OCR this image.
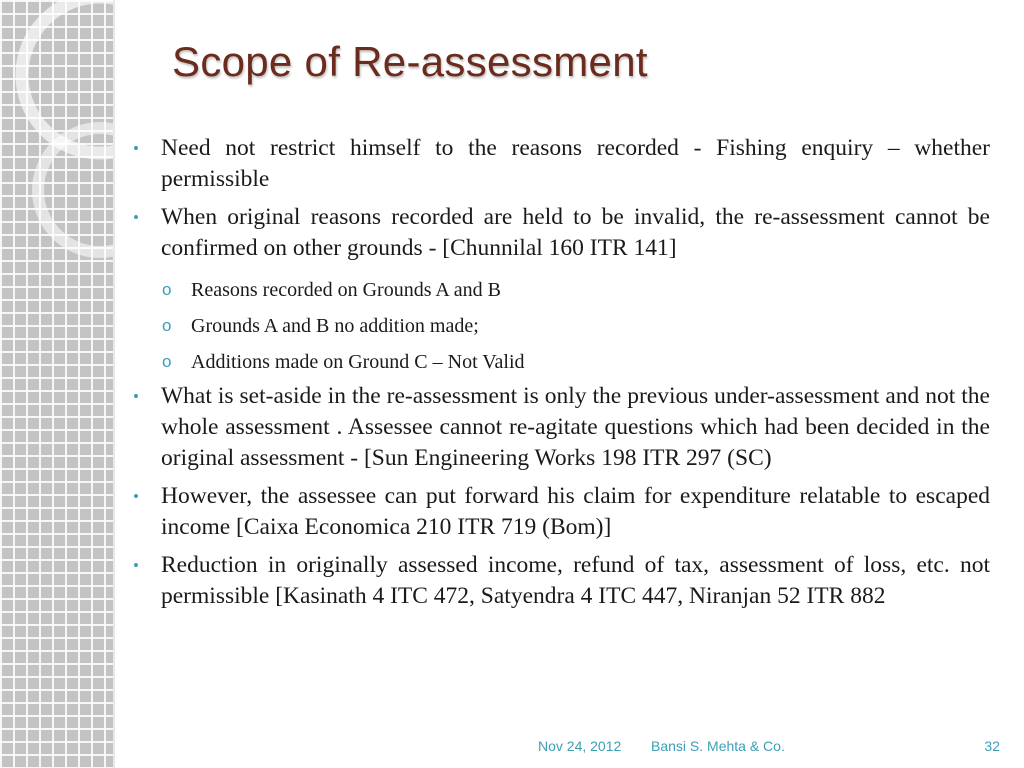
Scope of Re-assessment
• Need not restrict himself to the reasons recorded - Fishing enquiry – whether permissible
• When original reasons recorded are held to be invalid, the re-assessment cannot be confirmed on other grounds - [Chunnilal 160 ITR 141]
o Reasons recorded on Grounds A and B
o Grounds A and B no addition made;
o Additions made on Ground C – Not Valid
• What is set-aside in the re-assessment is only the previous under-assessment and not the whole assessment . Assessee cannot re-agitate questions which had been decided in the original assessment - [Sun Engineering Works 198 ITR 297 (SC)
• However, the assessee can put forward his claim for expenditure relatable to escaped income [Caixa Economica 210 ITR 719 (Bom)]
• Reduction in originally assessed income, refund of tax, assessment of loss, etc. not permissible [Kasinath 4 ITC 472, Satyendra 4 ITC 447, Niranjan 52 ITR 882
Nov 24, 2012 Bansi S. Mehta & Co.	32
